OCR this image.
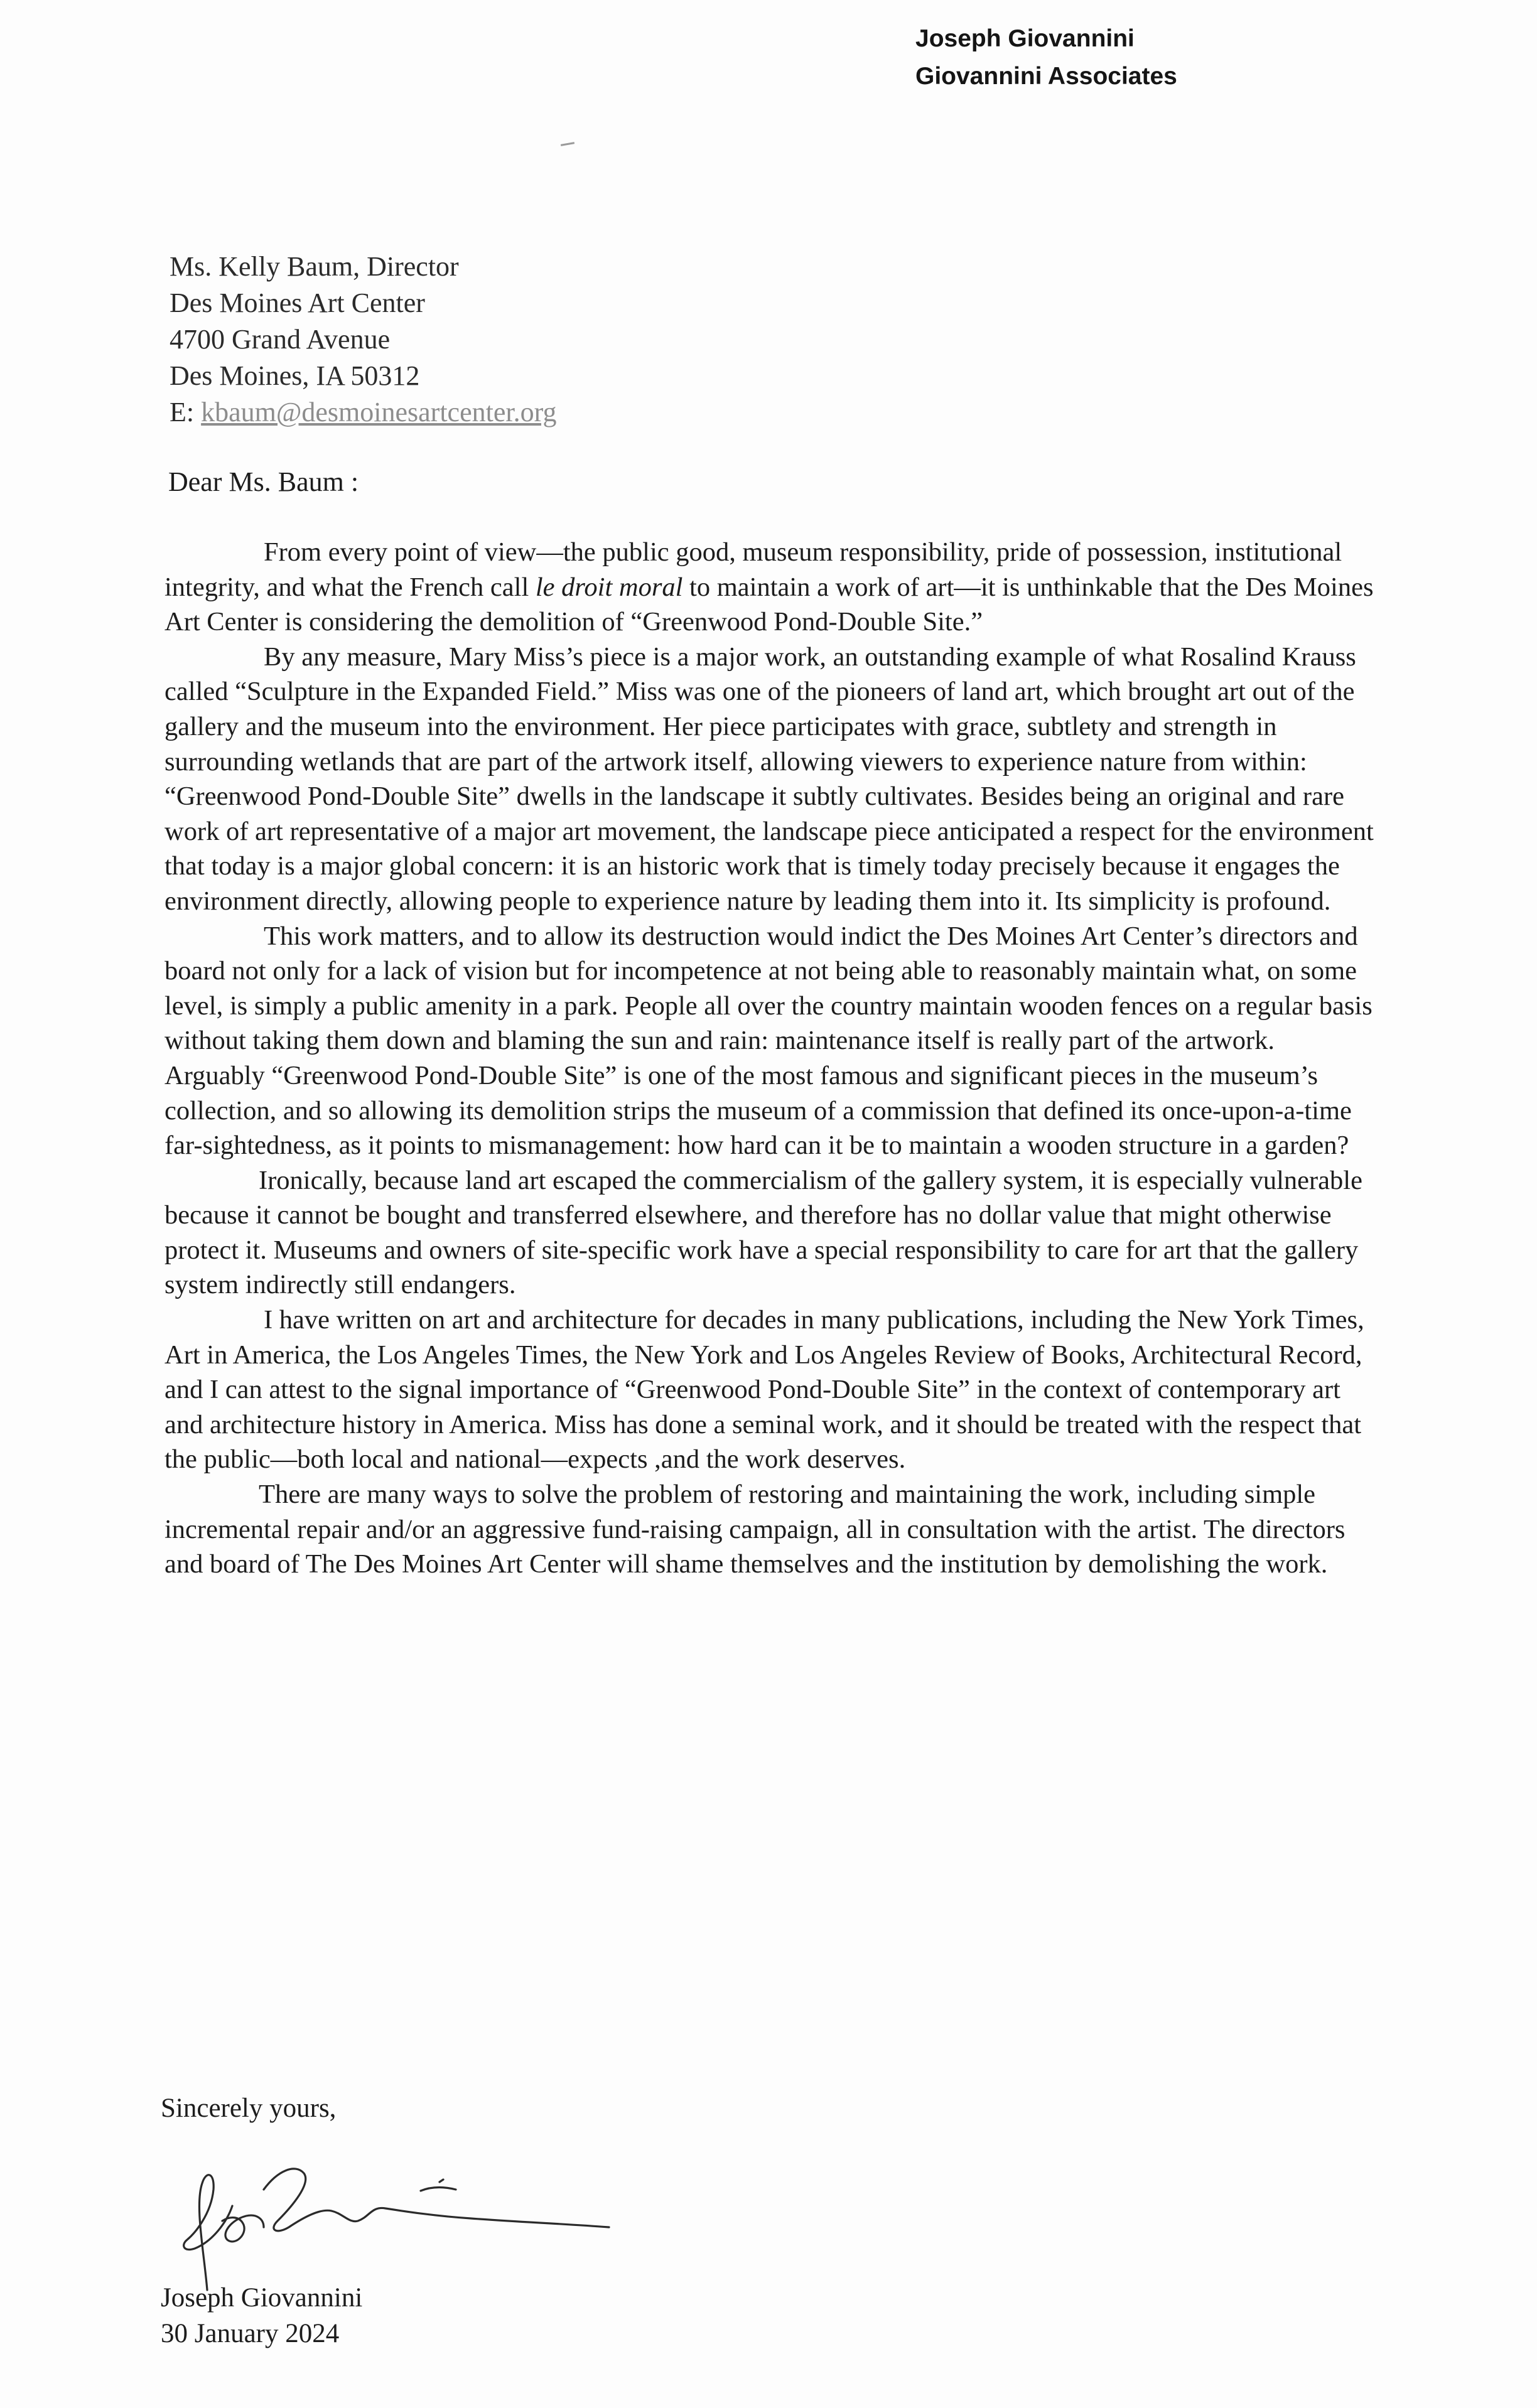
Joseph Giovannini
Giovannini Associates
Ms. Kelly Baum, Director
Des Moines Art Center
4700 Grand Avenue
Des Moines, IA 50312
E: kbaum@desmoinesartcenter.org
Dear Ms. Baum :

From every point of view—the public good, museum responsibility, pride of possession, institutional integrity, and what the French call le droit moral to maintain a work of art—it is unthinkable that the Des Moines Art Center is considering the demolition of “Greenwood Pond-Double Site.”

By any measure, Mary Miss’s piece is a major work, an outstanding example of what Rosalind Krauss called “Sculpture in the Expanded Field.” Miss was one of the pioneers of land art, which brought art out of the gallery and the museum into the environment. Her piece participates with grace, subtlety and strength in surrounding wetlands that are part of the artwork itself, allowing viewers to experience nature from within: “Greenwood Pond-Double Site” dwells in the landscape it subtly cultivates. Besides being an original and rare work of art representative of a major art movement, the landscape piece anticipated a respect for the environment that today is a major global concern: it is an historic work that is timely today precisely because it engages the environment directly, allowing people to experience nature by leading them into it. Its simplicity is profound.

This work matters, and to allow its destruction would indict the Des Moines Art Center’s directors and board not only for a lack of vision but for incompetence at not being able to reasonably maintain what, on some level, is simply a public amenity in a park. People all over the country maintain wooden fences on a regular basis without taking them down and blaming the sun and rain: maintenance itself is really part of the artwork. Arguably “Greenwood Pond-Double Site” is one of the most famous and significant pieces in the museum’s collection, and so allowing its demolition strips the museum of a commission that defined its once-upon-a-time far-sightedness, as it points to mismanagement: how hard can it be to maintain a wooden structure in a garden?

Ironically, because land art escaped the commercialism of the gallery system, it is especially vulnerable because it cannot be bought and transferred elsewhere, and therefore has no dollar value that might otherwise protect it. Museums and owners of site-specific work have a special responsibility to care for art that the gallery system indirectly still endangers.

I have written on art and architecture for decades in many publications, including the New York Times, Art in America, the Los Angeles Times, the New York and Los Angeles Review of Books, Architectural Record, and I can attest to the signal importance of “Greenwood Pond-Double Site” in the context of contemporary art and architecture history in America. Miss has done a seminal work, and it should be treated with the respect that the public—both local and national—expects ,and the work deserves.

There are many ways to solve the problem of restoring and maintaining the work, including simple incremental repair and/or an aggressive fund-raising campaign, all in consultation with the artist. The directors and board of The Des Moines Art Center will shame themselves and the institution by demolishing the work.

Sincerely yours,
Joseph Giovannini
30 January 2024
